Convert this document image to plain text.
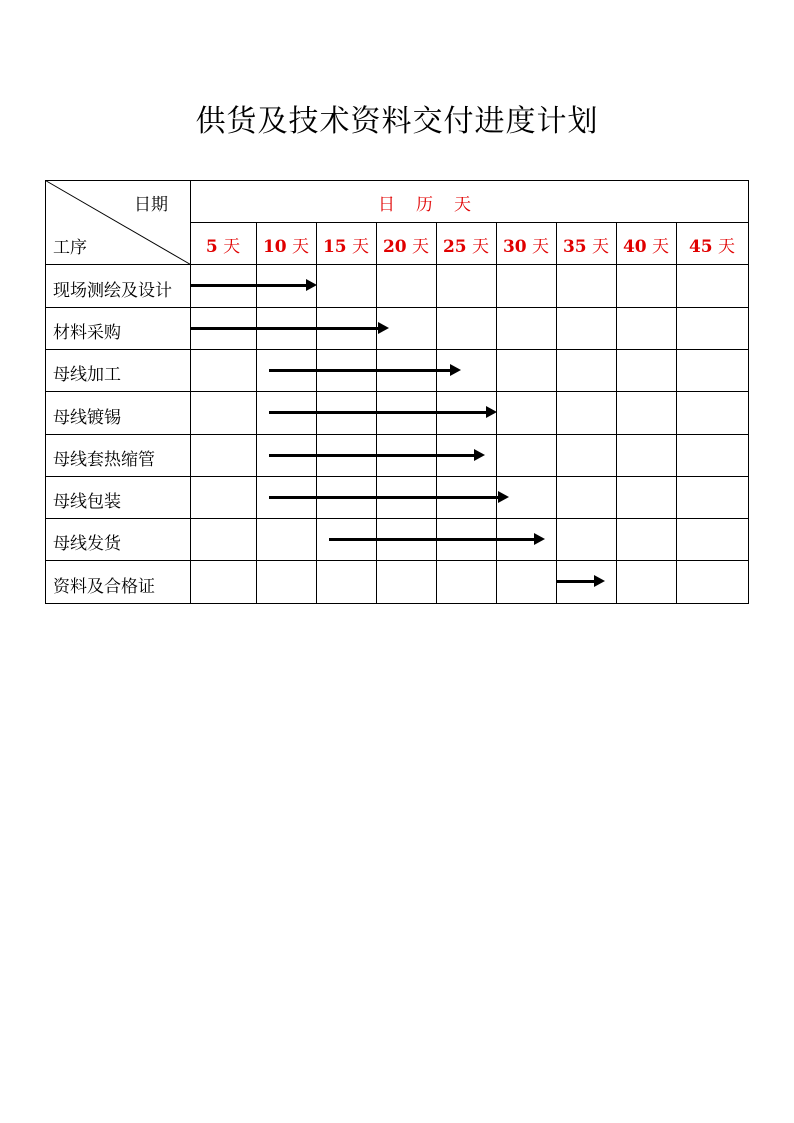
供货及技术资料交付进度计划
日期
工序
日　历　天
5 天	10 天 15 天 20 天 25 天 30 天 35 天 40 天	45 天
现场测绘及设计
材料采购
母线加工
母线镀锡
母线套热缩管
母线包装
母线发货
资料及合格证
